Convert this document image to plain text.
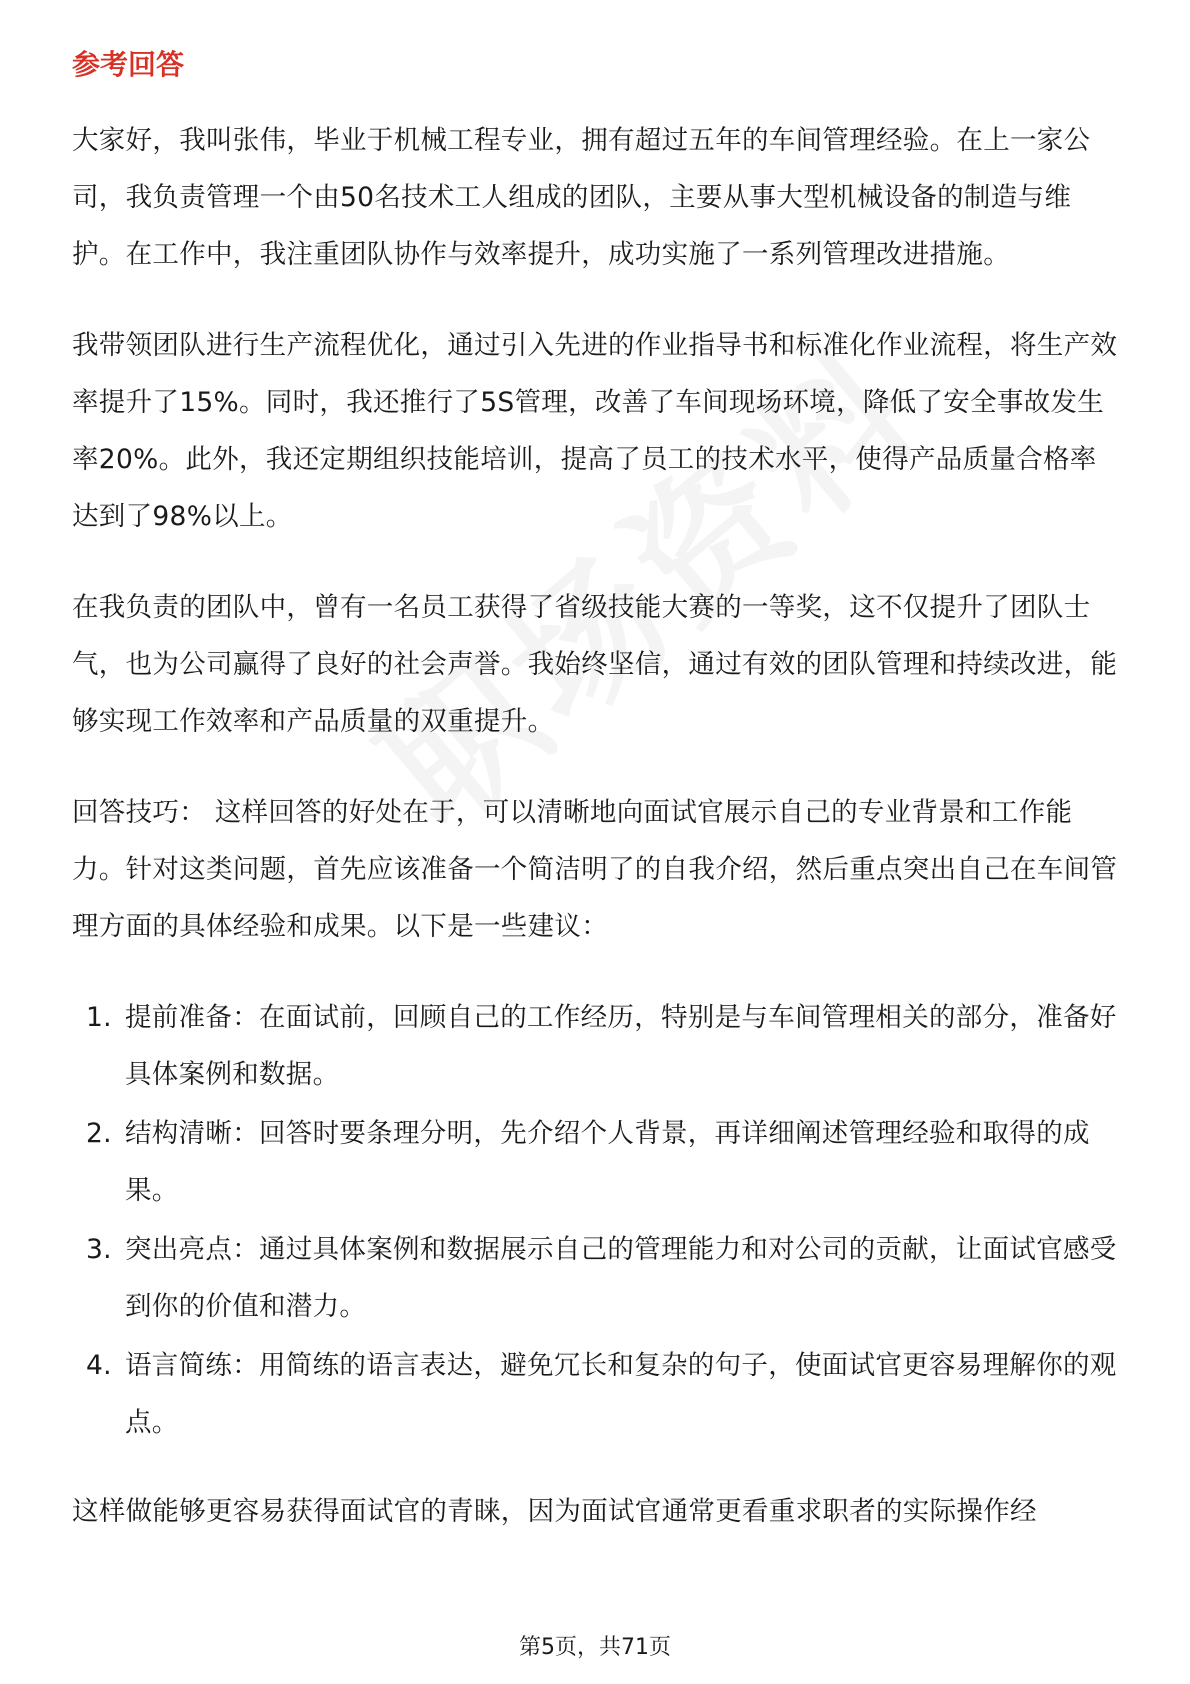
参考回答

大家好，我叫张伟，毕业于机械工程专业，拥有超过五年的车间管理经验。在上一家公司，我负责管理一个由50名技术工人组成的团队，主要从事大型机械设备的制造与维护。在工作中，我注重团队协作与效率提升，成功实施了一系列管理改进措施。

我带领团队进行生产流程优化，通过引入先进的作业指导书和标准化作业流程，将生产效率提升了15%。同时，我还推行了5S管理，改善了车间现场环境，降低了安全事故发生率20%。此外，我还定期组织技能培训，提高了员工的技术水平，使得产品质量合格率达到了98%以上。

在我负责的团队中，曾有一名员工获得了省级技能大赛的一等奖，这不仅提升了团队士气，也为公司赢得了良好的社会声誉。我始终坚信，通过有效的团队管理和持续改进，能够实现工作效率和产品质量的双重提升。

回答技巧： 这样回答的好处在于，可以清晰地向面试官展示自己的专业背景和工作能力。针对这类问题，首先应该准备一个简洁明了的自我介绍，然后重点突出自己在车间管理方面的具体经验和成果。以下是一些建议：

1. 提前准备：在面试前，回顾自己的工作经历，特别是与车间管理相关的部分，准备好具体案例和数据。
2. 结构清晰：回答时要条理分明，先介绍个人背景，再详细阐述管理经验和取得的成果。
3. 突出亮点：通过具体案例和数据展示自己的管理能力和对公司的贡献，让面试官感受到你的价值和潜力。
4. 语言简练：用简练的语言表达，避免冗长和复杂的句子，使面试官更容易理解你的观点。

这样做能够更容易获得面试官的青睐，因为面试官通常更看重求职者的实际操作经

第5页，共71页
